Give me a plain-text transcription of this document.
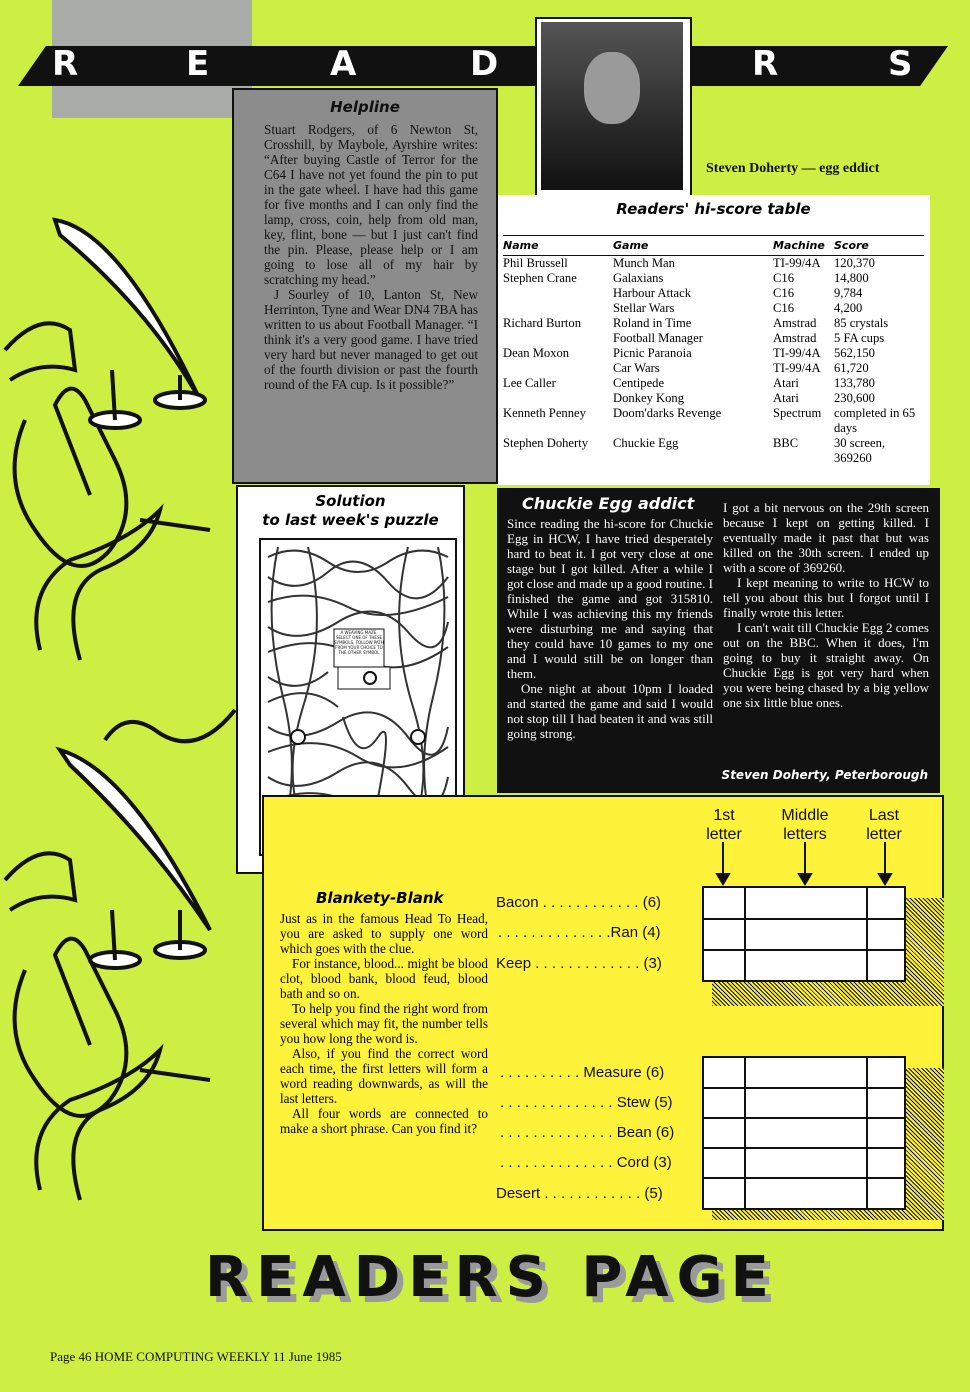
R	E	A	D	R	S
Readers' hi-score table
Name	Game	Machine	Score
Phil Brussell	Munch Man	TI-99/4A	120,370
Stephen Crane	Galaxians	C16	14,800
	Harbour Attack	C16	9,784
	Stellar Wars	C16	4,200
Richard Burton	Roland in Time	Amstrad	85 crystals
	Football Manager	Amstrad	5 FA cups
Dean Moxon	Picnic Paranoia	TI-99/4A	562,150
	Car Wars	TI-99/4A	61,720
Lee Caller	Centipede	Atari	133,780
	Donkey Kong	Atari	230,600
Kenneth Penney	Doom'darks Revenge	Spectrum	completed in 65 days
Stephen Doherty	Chuckie Egg	BBC	30 screen, 369260
Steven Doherty — egg eddict
Helpline
Stuart Rodgers, of 6 Newton St, Crosshill, by Maybole, Ayrshire writes: “After buying Castle of Terror for the C64 I have not yet found the pin to put in the gate wheel. I have had this game for five months and I can only find the lamp, cross, coin, help from old man, key, flint, bone — but I just can't find the pin. Please, please help or I am going to lose all of my hair by scratching my head.”
J Sourley of 10, Lanton St, New Herrinton, Tyne and Wear DN4 7BA has written to us about Football Manager. “I think it's a very good game. I have tried very hard but never managed to get out of the fourth division or past the fourth round of the FA cup. Is it possible?”
Solution
to last week's puzzle
A WEAVING MAZE. SELECT ONE OF THESE SYMBOLS, FOLLOW PATH FROM YOUR CHOICE TO THE OTHER SYMBOL
Chuckie Egg addict
Since reading the hi-score for Chuckie Egg in HCW, I have tried desperately hard to beat it. I got very close at one stage but I got killed. After a while I got close and made up a good routine. I finished the game and got 315810. While I was achieving this my friends were disturbing me and saying that they could have 10 games to my one and I would still be on longer than them.
One night at about 10pm I loaded and started the game and said I would not stop till I had beaten it and was still going strong.
I got a bit nervous on the 29th screen because I kept on getting killed. I eventually made it past that but was killed on the 30th screen. I ended up with a score of 369260.
I kept meaning to write to HCW to tell you about this but I forgot until I finally wrote this letter.
I can't wait till Chuckie Egg 2 comes out on the BBC. When it does, I'm going to buy it straight away. On Chuckie Egg is got very hard when you were being chased by a big yellow one six little blue ones.
Steven Doherty, Peterborough
Blankety-Blank
Just as in the famous Head To Head, you are asked to supply one word which goes with the clue.
For instance, blood... might be blood clot, blood bank, blood feud, blood bath and so on.
To help you find the right word from several which may fit, the number tells you how long the word is.
Also, if you find the correct word each time, the first letters will form a word reading downwards, as will the last letters.
All four words are connected to make a short phrase. Can you find it?
1st letter
Middle letters
Last letter
Bacon . . . . . . . . . . . . (6)
. . . . . . . . . . . . . .Ran (4)
Keep . . . . . . . . . . . . . (3)
. . . . . . . . . . Measure (6)
. . . . . . . . . . . . . . Stew (5)
. . . . . . . . . . . . . . Bean (6)
. . . . . . . . . . . . . . Cord (3)
Desert . . . . . . . . . . . . (5)
READERS PAGE
Page 46 HOME COMPUTING WEEKLY 11 June 1985
